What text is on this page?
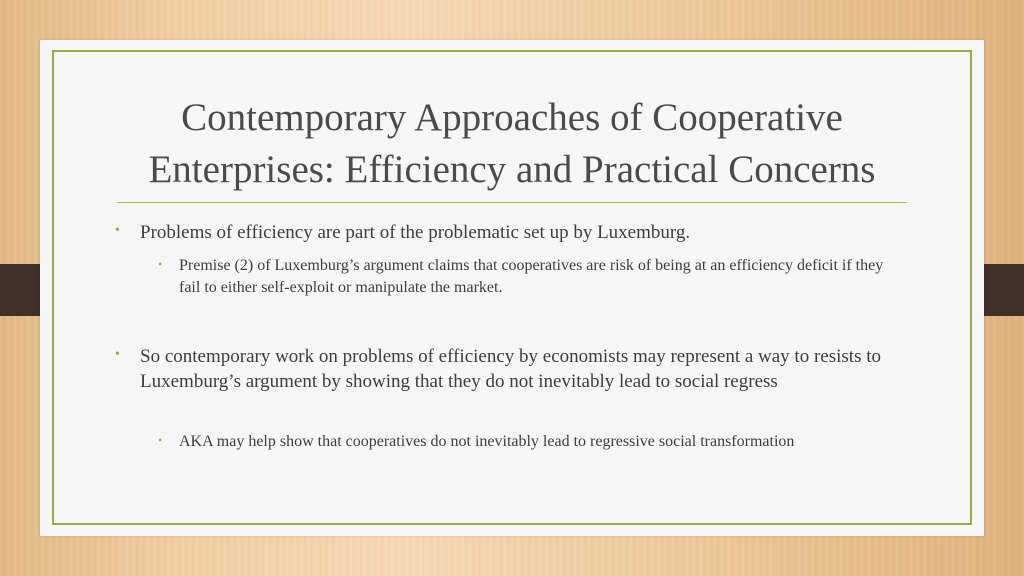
Contemporary Approaches of Cooperative
Enterprises: Efficiency and Practical Concerns
• Problems of efficiency are part of the problematic set up by Luxemburg.
• Premise (2) of Luxemburg’s argument claims that cooperatives are risk of being at an efficiency deficit if they fail to either self-exploit or manipulate the market.
• So contemporary work on problems of efficiency by economists may represent a way to resists to Luxemburg’s argument by showing that they do not inevitably lead to social regress
• AKA may help show that cooperatives do not inevitably lead to regressive social transformation
